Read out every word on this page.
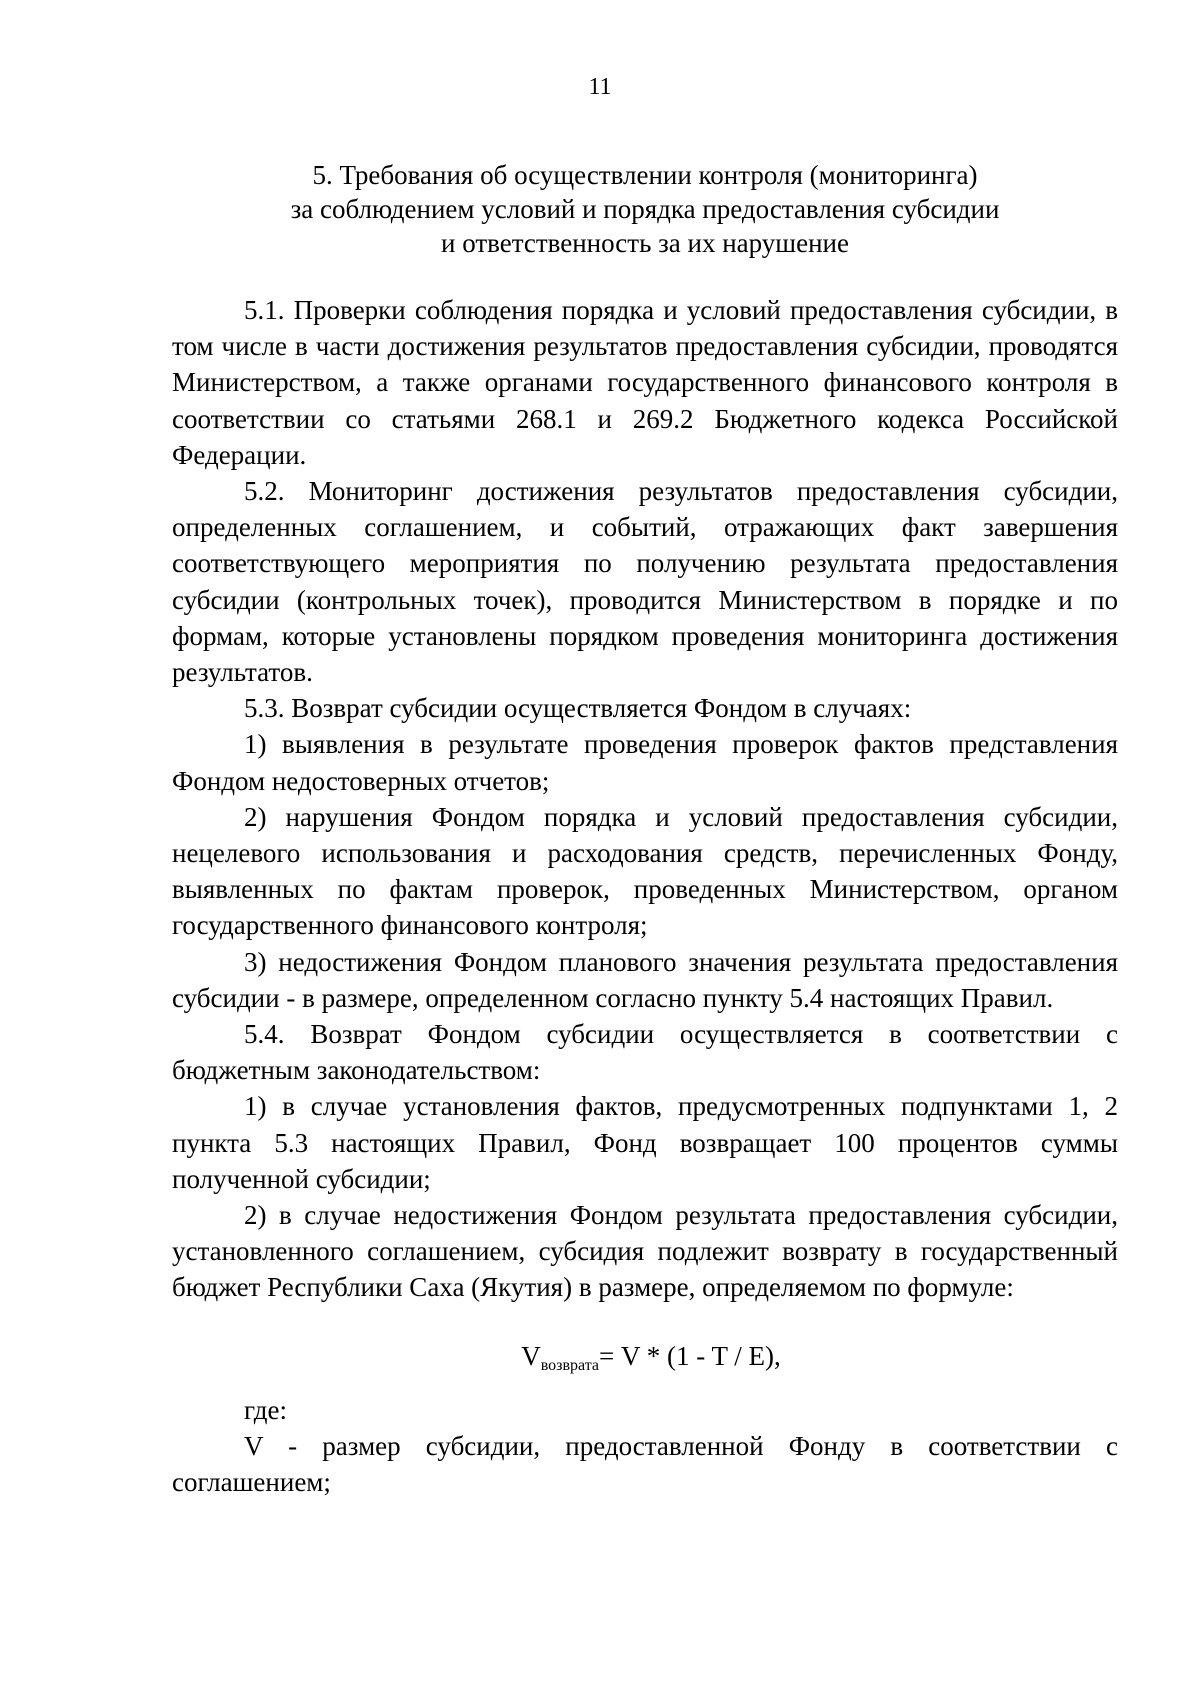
11
5. Требования об осуществлении контроля (мониторинга)
за соблюдением условий и порядка предоставления субсидии
и ответственность за их нарушение

5.1. Проверки соблюдения порядка и условий предоставления субсидии, в том числе в части достижения результатов предоставления субсидии, проводятся Министерством, а также органами государственного финансового контроля в соответствии со статьями 268.1 и 269.2 Бюджетного кодекса Российской Федерации.

5.2. Мониторинг достижения результатов предоставления субсидии, определенных соглашением, и событий, отражающих факт завершения соответствующего мероприятия по получению результата предоставления субсидии (контрольных точек), проводится Министерством в порядке и по формам, которые установлены порядком проведения мониторинга достижения результатов.

5.3. Возврат субсидии осуществляется Фондом в случаях:

1) выявления в результате проведения проверок фактов представления Фондом недостоверных отчетов;

2) нарушения Фондом порядка и условий предоставления субсидии, нецелевого использования и расходования средств, перечисленных Фонду, выявленных по фактам проверок, проведенных Министерством, органом государственного финансового контроля;

3) недостижения Фондом планового значения результата предоставления субсидии - в размере, определенном согласно пункту 5.4 настоящих Правил.

5.4. Возврат Фондом субсидии осуществляется в соответствии с бюджетным законодательством:

1) в случае установления фактов, предусмотренных подпунктами 1, 2 пункта 5.3 настоящих Правил, Фонд возвращает 100 процентов суммы полученной субсидии;

2) в случае недостижения Фондом результата предоставления субсидии, установленного соглашением, субсидия подлежит возврату в государственный бюджет Республики Саха (Якутия) в размере, определяемом по формуле:

$V_{возврата}= V * (1 - T / E)$,

где:

V - размер субсидии, предоставленной Фонду в соответствии с соглашением;
